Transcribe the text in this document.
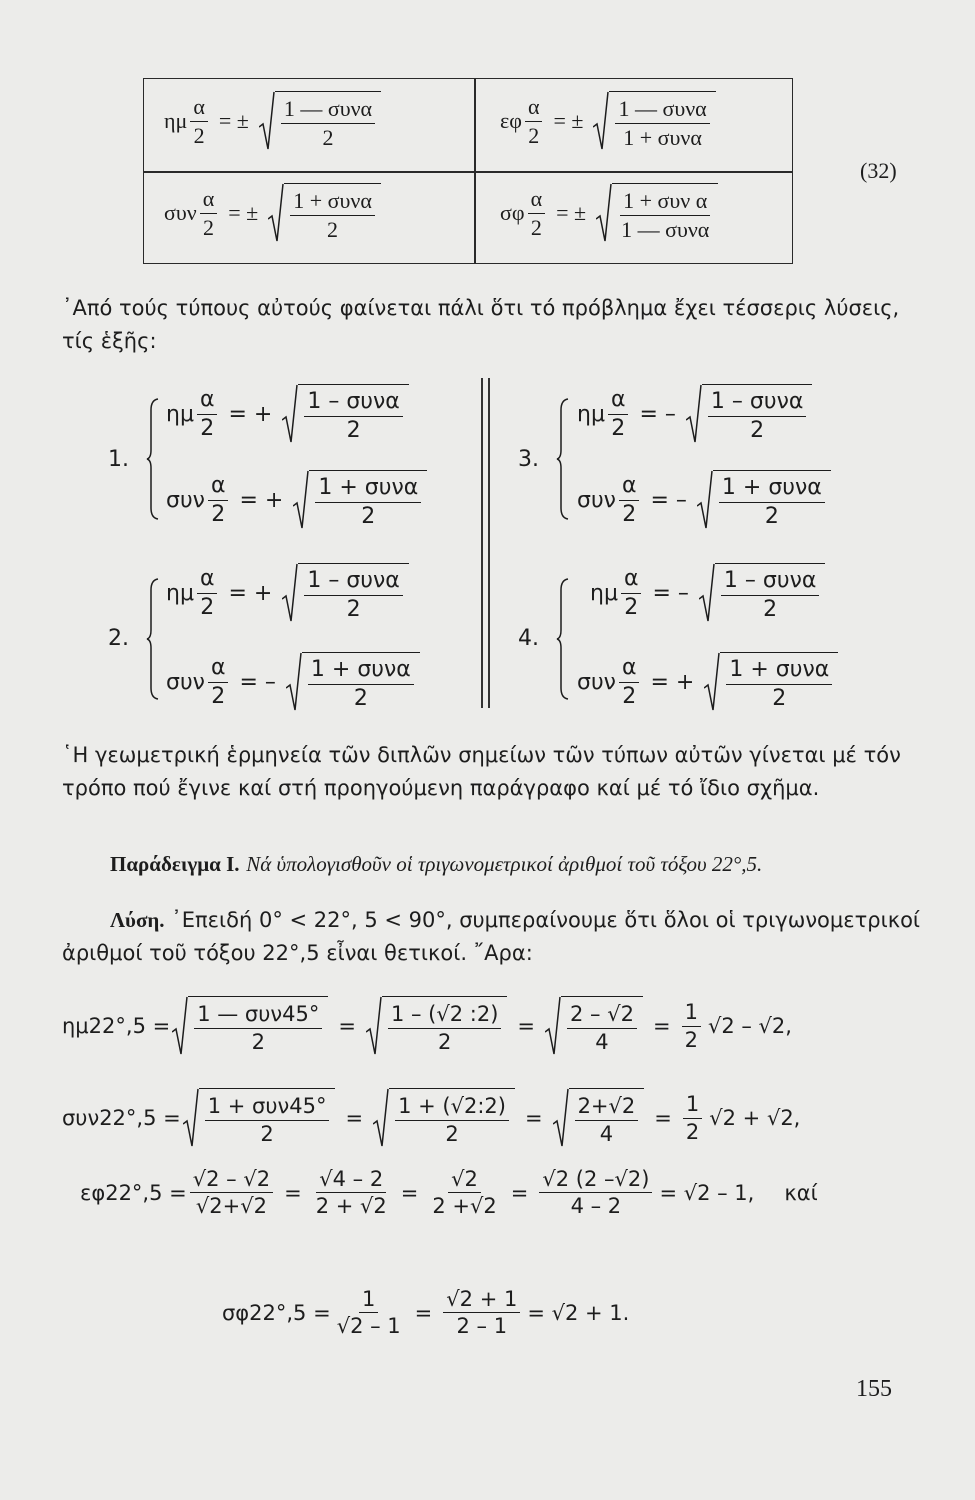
ημ $\frac{\alpha}{2}$ = ± $\frac{\text{1 — συνα}}{2}$	εφ $\frac{\alpha}{2}$ = ± $\frac{\text{1 — συνα}}{\text{1 + συνα}}$
συν $\frac{\alpha}{2}$ = ± $\frac{\text{1 + συνα}}{2}$	σφ $\frac{\alpha}{2}$ = ± $\frac{\text{1 + συν α}}{\text{1 — συνα}}$
(32)
᾿Από τούς τύπους αὐτούς φαίνεται πάλι ὅτι τό πρόβλημα ἔχει τέσσερις λύσεις, τίς ἑξῆς:
1.
ημ $\frac{\alpha}{2}$ = + $\frac{\text{1 – συνα}}{2}$
συν $\frac{\alpha}{2}$ = + $\frac{\text{1 + συνα}}{2}$
2.
ημ $\frac{\alpha}{2}$ = + $\frac{\text{1 – συνα}}{2}$
συν $\frac{\alpha}{2}$ = – $\frac{\text{1 + συνα}}{2}$
3.
ημ $\frac{\alpha}{2}$ = – $\frac{\text{1 – συνα}}{2}$
συν $\frac{\alpha}{2}$ = – $\frac{\text{1 + συνα}}{2}$
4.
ημ $\frac{\alpha}{2}$ = – $\frac{\text{1 – συνα}}{2}$
συν $\frac{\alpha}{2}$ = + $\frac{\text{1 + συνα}}{2}$
῾Η γεωμετρική ἑρμηνεία τῶν διπλῶν σημείων τῶν τύπων αὐτῶν γίνεται μέ τόν τρόπο πού ἔγινε καί στή προηγούμενη παράγραφο καί μέ τό ἴδιο σχῆμα.
Παράδειγμα Ι. Νά ὑπολογισθοῦν οἱ τριγωνομετρικοί ἀριθμοί τοῦ τόξου 22°,5.
Λύση. ᾿Επειδή 0° < 22°, 5 < 90°, συμπεραίνουμε ὅτι ὅλοι οἱ τριγωνομετρικοί ἀριθμοί τοῦ τόξου 22°,5 εἶναι θετικοί. ῎Αρα:
$\eta\mu 22^\circ,5 = \frac{\text{1 — συν45°}}{2} = \frac{1 - (√2 :2)}{2} = \frac{2 - √2}{4} = \frac{1}{2} √2 - √2$,
$\sigma\upsilon\nu 22^\circ,5 = \frac{\text{1 + συν45°}}{2} = \frac{1 + (√2:2)}{2} = \frac{2+√2}{4} = \frac{1}{2} √2 + √2$,
$\varepsilon\varphi 22^\circ,5 = \frac{√2 - √2}{√2+√2} = \frac{√4 - 2}{2 + √2} = \frac{√2}{2 +√2} = \frac{√2 (2 -√2)}{4 - 2} = √2 - 1$, καί
$\sigma\varphi 22^\circ,5 = \frac{1}{√2 - 1} = \frac{√2 + 1}{2 - 1} = √2 + 1$.
155
